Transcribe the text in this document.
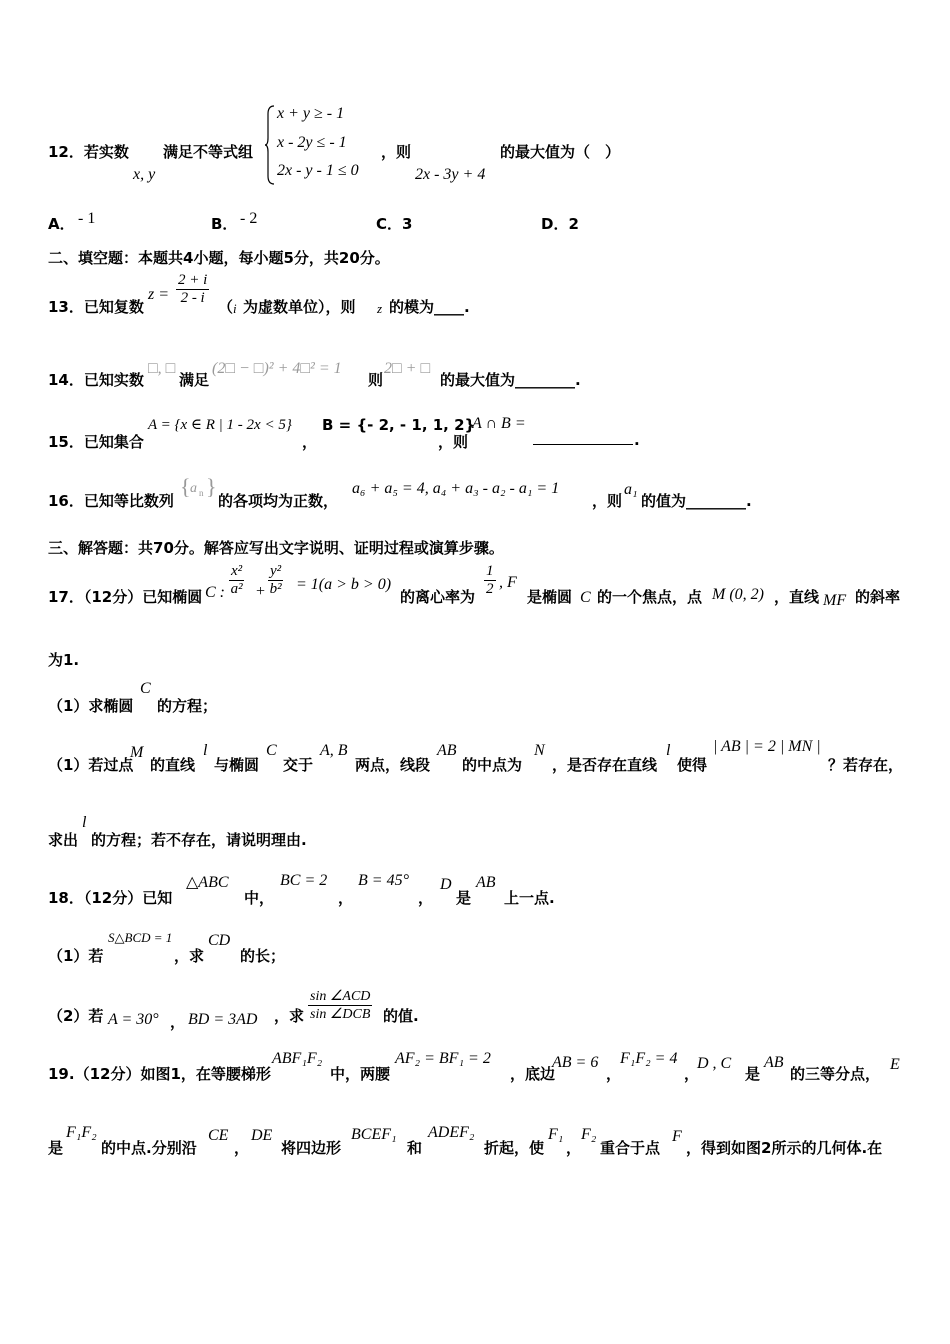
12．若实数
x, y
满足不等式组
x + y ≥ - 1
x - 2y ≤ - 1
2x - y - 1 ≤ 0
，则
2x - 3y + 4
的最大值为（　）
A． - 1	B． - 2	C．3	D．2
二、填空题：本题共4小题，每小题5分，共20分。
13．已知复数
$z = \frac{2 + i}{2 - i}$ （ i 为虚数单位），则 z 的模为____.
14．已知实数
□, □
满足
(2□ − □)² + 4□² = 1
则
2□ + □
的最大值为________.
15．已知集合
A = {x ∈ R | 1 - 2x < 5}
，
B = {- 2, - 1, 1, 2}
，则
A ∩ B =
.
16．已知等比数列
{ a n }
的各项均为正数，
a₆ + a₅ = 4, a₄ + a₃ - a₂ - a₁ = 1
，则
a₁
的值为________.
三、解答题：共70分。解答应写出文字说明、证明过程或演算步骤。
17．（12分）已知椭圆 C : $\frac{\text{x²}}{\text{a²}} + \frac{\text{y²}}{\text{b²}} = 1(a > b > 0)$
的离心率为 $\frac{1}{2}$ , F
是椭圆 C 的一个焦点，点 M (0, 2) ，直线 MF 的斜率
为1.
（1）求椭圆
C
的方程；
（1）若过点
M
的直线
l
与椭圆
C
交于
A, B
两点，线段
AB
的中点为
N
，是否存在直线
l
使得
| AB | = 2 | MN |
？若存在，
求出
l
的方程；若不存在，请说明理由.
18．（12分）已知
△ABC
中，
BC = 2
，
B = 45°
，
D
是
AB
上一点.
（1）若
S△BCD = 1
，求
CD
的长；
（2）若 A = 30° ， BD = 3AD ，求
sin ∠ACD
sin ∠DCB 的值.
19.（12分）如图1，在等腰梯形
ABF₁F₂
中，两腰
AF₂ = BF₁ = 2
，底边
AB = 6
，
F₁F₂ = 4
，
D , C
是
AB
的三等分点，
E
是
F₁F₂
的中点.分别沿
CE
，
DE
将四边形
BCEF₁
和
ADEF₂
折起，使
F₁
，
F₂
重合于点
F
，得到如图2所示的几何体.在
